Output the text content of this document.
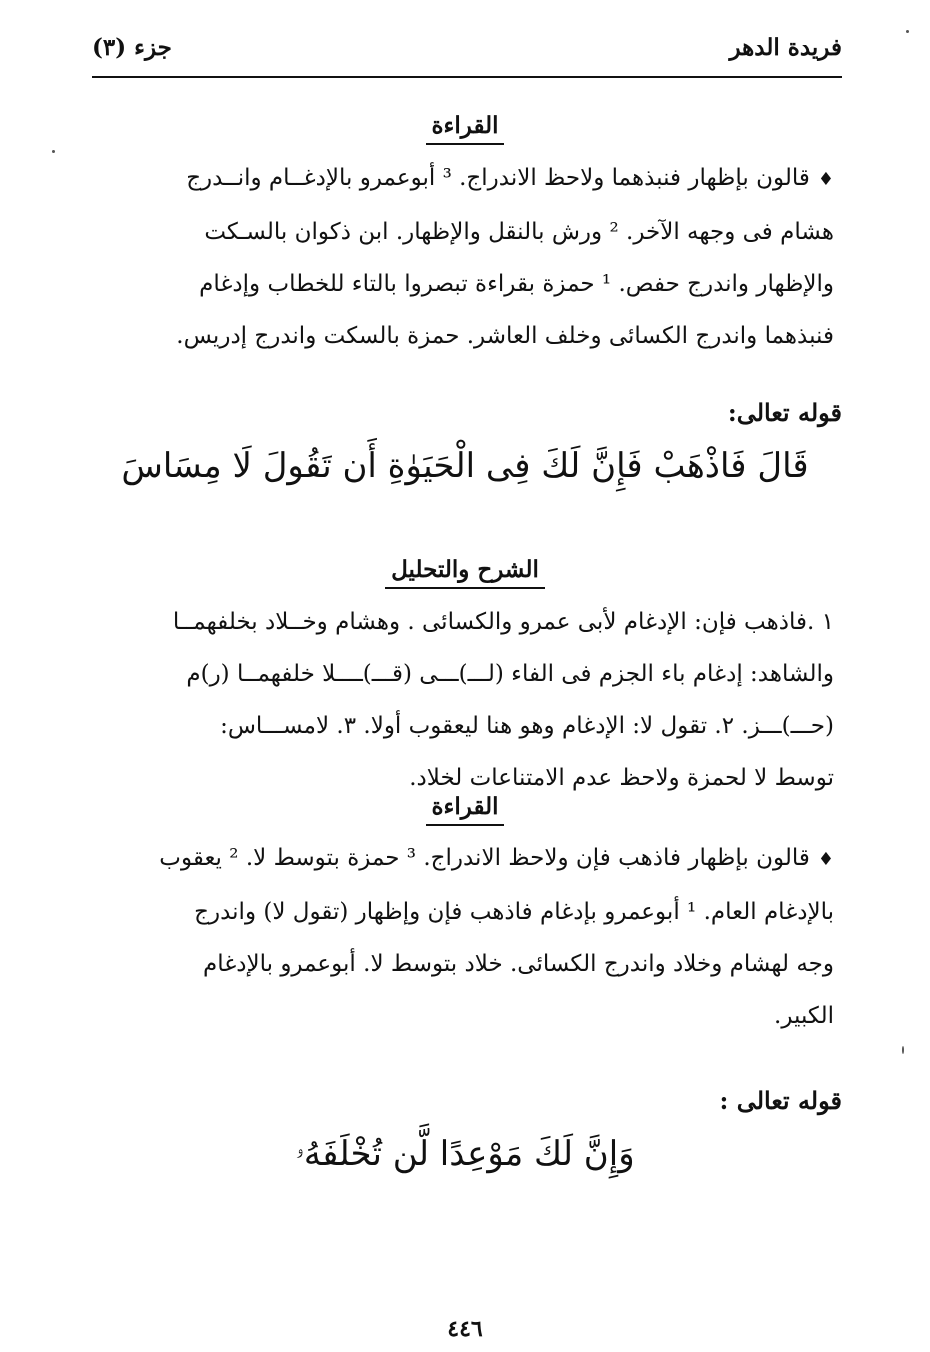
فريدة الدهر
جزء (٣)
القراءة
♦قالون بإظهار فنبذهما ولاحظ الاندراج. ³ أبوعمرو بالإدغــام وانــدرج
هشام فى وجهه الآخر. ² ورش بالنقل والإظهار. ابن ذكوان بالسـكت
والإظهار واندرج حفص. ¹ حمزة بقراءة تبصروا بالتاء للخطاب وإدغام
فنبذهما واندرج الكسائى وخلف العاشر. حمزة بالسكت واندرج إدريس.
قوله تعالى:
قَالَ فَاذْهَبْ فَإِنَّ لَكَ فِى الْحَيَوٰةِ أَن تَقُولَ لَا مِسَاسَ
الشرح والتحليل
١ .فاذهب فإن: الإدغام لأبى عمرو والكسائى . وهشام وخــلاد بخلفهمــا
والشاهد: إدغام باء الجزم فى الفاء (لـــ)ـــى (قـــ)ــــلا خلفهمــا (ر)م
(حـــ)ـــز. ٢. تقول لا: الإدغام وهو هنا ليعقوب أولا. ٣. لامســـاس:
توسط لا لحمزة ولاحظ عدم الامتناعات لخلاد.
القراءة
♦قالون بإظهار فاذهب فإن ولاحظ الاندراج. ³ حمزة بتوسط لا. ² يعقوب
بالإدغام العام. ¹ أبوعمرو بإدغام فاذهب فإن وإظهار (تقول لا) واندرج
وجه لهشام وخلاد واندرج الكسائى. خلاد بتوسط لا. أبوعمرو بالإدغام
الكبير.
قوله تعالى :
وَإِنَّ لَكَ مَوْعِدًا لَّن تُخْلَفَهُۥ
٤٤٦
